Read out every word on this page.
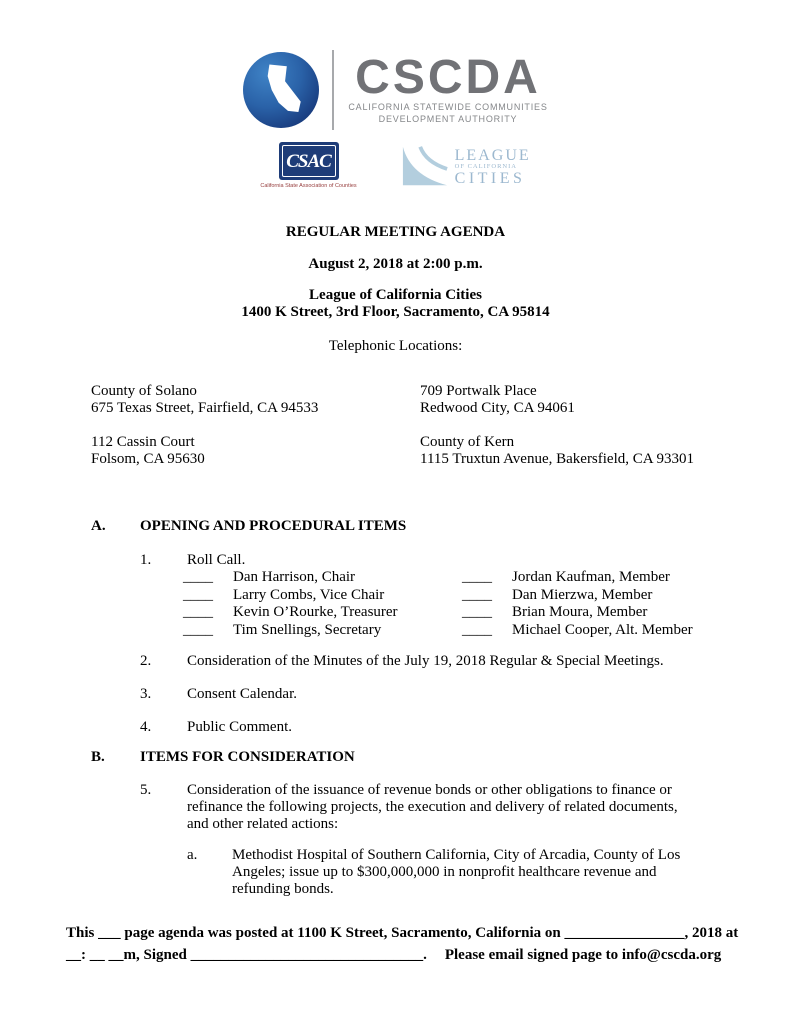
CSCDA
CALIFORNIA STATEWIDE COMMUNITIES
DEVELOPMENT AUTHORITY
CSAC
California State Association of Counties
LEAGUE
OF CALIFORNIA
CITIES
REGULAR MEETING AGENDA
August 2, 2018 at 2:00 p.m.
League of California Cities
1400 K Street, 3rd Floor, Sacramento, CA 95814
Telephonic Locations:
County of Solano
675 Texas Street, Fairfield, CA 94533
709 Portwalk Place
Redwood City, CA 94061
112 Cassin Court
Folsom, CA 95630
County of Kern
1115 Truxtun Avenue, Bakersfield, CA 93301
A.	OPENING AND PROCEDURAL ITEMS
1.	Roll Call.
____ Dan Harrison, Chair	____ Jordan Kaufman, Member
____ Larry Combs, Vice Chair	____ Dan Mierzwa, Member
____ Kevin O’Rourke, Treasurer	____ Brian Moura, Member
____ Tim Snellings, Secretary	____ Michael Cooper, Alt. Member
2.	Consideration of the Minutes of the July 19, 2018 Regular & Special Meetings.
3.	Consent Calendar.
4.	Public Comment.
B.	ITEMS FOR CONSIDERATION
5.	Consideration of the issuance of revenue bonds or other obligations to finance or refinance the following projects, the execution and delivery of related documents, and other related actions:
a.	Methodist Hospital of Southern California, City of Arcadia, County of Los Angeles; issue up to $300,000,000 in nonprofit healthcare revenue and refunding bonds.
This ___ page agenda was posted at 1100 K Street, Sacramento, California on ________________, 2018 at
__: __ __m, Signed _______________________________. Please email signed page to info@cscda.org
